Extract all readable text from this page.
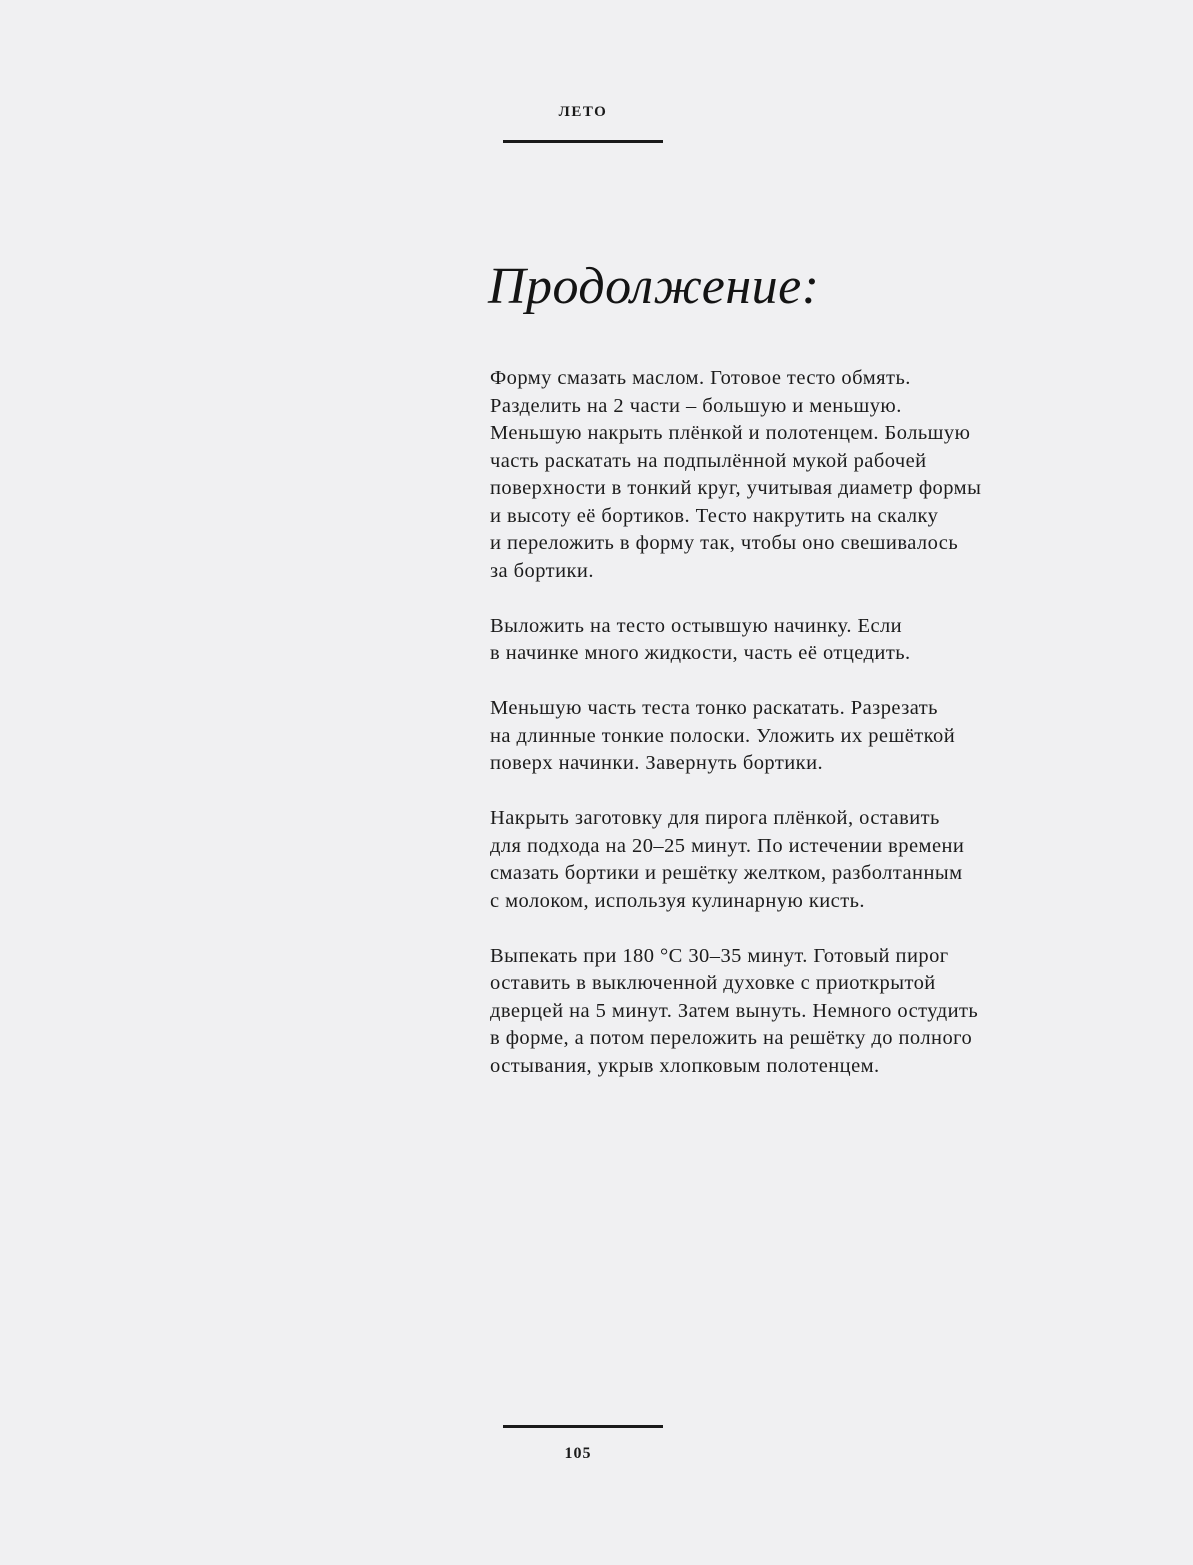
ЛЕТО
Продолжение:
Форму смазать маслом. Готовое тесто обмять.
Разделить на 2 части – большую и меньшую.
Меньшую накрыть плёнкой и полотенцем. Большую
часть раскатать на подпылённой мукой рабочей
поверхности в тонкий круг, учитывая диаметр формы
и высоту её бортиков. Тесто накрутить на скалку
и переложить в форму так, чтобы оно свешивалось
за бортики.
Выложить на тесто остывшую начинку. Если
в начинке много жидкости, часть её отцедить.
Меньшую часть теста тонко раскатать. Разрезать
на длинные тонкие полоски. Уложить их решёткой
поверх начинки. Завернуть бортики.
Накрыть заготовку для пирога плёнкой, оставить
для подхода на 20–25 минут. По истечении времени
смазать бортики и решётку желтком, разболтанным
с молоком, используя кулинарную кисть.
Выпекать при 180 °С 30–35 минут. Готовый пирог
оставить в выключенной духовке с приоткрытой
дверцей на 5 минут. Затем вынуть. Немного остудить
в форме, а потом переложить на решётку до полного
остывания, укрыв хлопковым полотенцем.
105
